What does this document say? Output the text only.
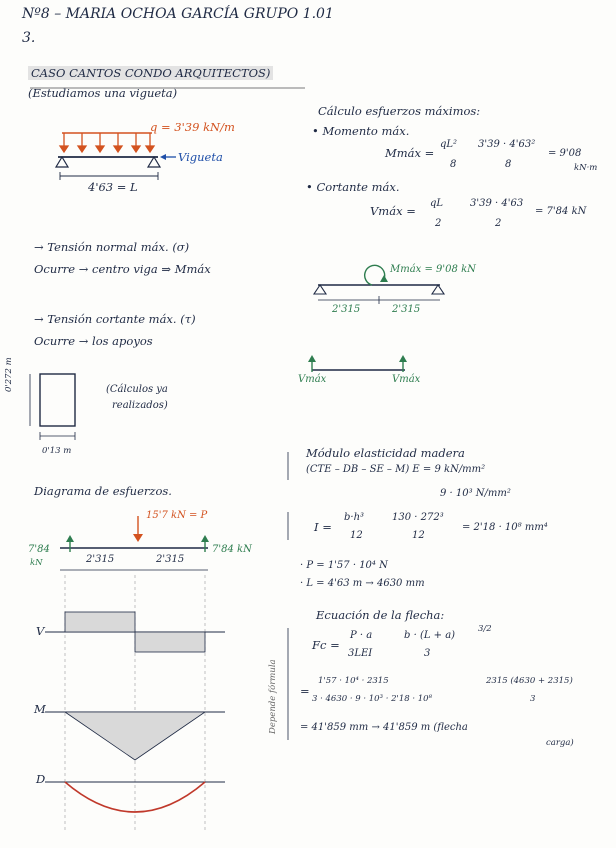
Nº8 – MARIA OCHOA GARCÍA GRUPO 1.01
3.
CASO CANTOS CONDO ARQUITECTOS)
(Estudiamos una vigueta)
q = 3'39 kN/m
Vigueta
4'63 = L
Cálculo esfuerzos máximos:
• Momento máx.
Mmáx =
qL²
8
3'39 · 4'63²
8
= 9'08
kN·m
• Cortante máx.
Vmáx =
qL
2
3'39 · 4'63
2
= 7'84 kN
→ Tensión normal máx. (σ)
Ocurre → centro viga ⇒ Mmáx
→ Tensión cortante máx. (τ)
Ocurre → los apoyos
Mmáx = 9'08 kN
2'315	2'315
Vmáx	Vmáx
0'272 m
0'13 m
(Cálculos ya
realizados)
Módulo elasticidad madera
(CTE – DB – SE – M) E = 9 kN/mm²
9 · 10³ N/mm²
Diagrama de esfuerzos.
15'7 kN = P
7'84
kN
7'84 kN
2'315	2'315
V
M
D
I =
b·h³
12
130 · 272³
12
= 2'18 · 10⁸ mm⁴
· P = 1'57 · 10⁴ N
· L = 4'63 m → 4630 mm
Ecuación de la flecha:
Fc =
P · a
3LEI
b · (L + a)
3
3/2
=
1'57 · 10⁴ · 2315
3 · 4630 · 9 · 10³ · 2'18 · 10⁸
2315 (4630 + 2315)
3
= 41'859 mm → 41'859 m (flecha
carga)
Depende fórmula
